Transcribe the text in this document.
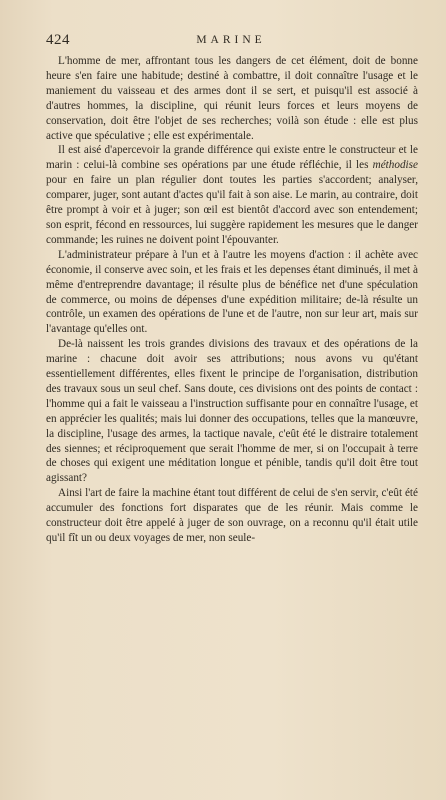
424	MARINE

L'homme de mer, affrontant tous les dangers de cet élément, doit de bonne heure s'en faire une habitude; destiné à combattre, il doit connaître l'usage et le maniement du vaisseau et des armes dont il se sert, et puisqu'il est associé à d'autres hommes, la discipline, qui réunit leurs forces et leurs moyens de conservation, doit être l'objet de ses recherches; voilà son étude : elle est plus active que spéculative ; elle est expérimentale.

Il est aisé d'apercevoir la grande différence qui existe entre le constructeur et le marin : celui-là combine ses opérations par une étude réfléchie, il les méthodise pour en faire un plan régulier dont toutes les parties s'accordent; analyser, comparer, juger, sont autant d'actes qu'il fait à son aise. Le marin, au contraire, doit être prompt à voir et à juger; son œil est bientôt d'accord avec son entendement; son esprit, fécond en ressources, lui suggère rapidement les mesures que le danger commande; les ruines ne doivent point l'épouvanter.

L'administrateur prépare à l'un et à l'autre les moyens d'action : il achète avec économie, il conserve avec soin, et les frais et les depenses étant diminués, il met à même d'entreprendre davantage; il résulte plus de bénéfice net d'une spéculation de commerce, ou moins de dépenses d'une expédition militaire; de-là résulte un contrôle, un examen des opérations de l'une et de l'autre, non sur leur art, mais sur l'avantage qu'elles ont.

De-là naissent les trois grandes divisions des travaux et des opérations de la marine : chacune doit avoir ses attributions; nous avons vu qu'étant essentiellement différentes, elles fixent le principe de l'organisation, distribution des travaux sous un seul chef. Sans doute, ces divisions ont des points de contact : l'homme qui a fait le vaisseau a l'instruction suffisante pour en connaître l'usage, et en apprécier les qualités; mais lui donner des occupations, telles que la manœuvre, la discipline, l'usage des armes, la tactique navale, c'eût été le distraire totalement des siennes; et réciproquement que serait l'homme de mer, si on l'occupait à terre de choses qui exigent une méditation longue et pénible, tandis qu'il doit être tout agissant?

Ainsi l'art de faire la machine étant tout différent de celui de s'en servir, c'eût été accumuler des fonctions fort disparates que de les réunir. Mais comme le constructeur doit être appelé à juger de son ouvrage, on a reconnu qu'il était utile qu'il fît un ou deux voyages de mer, non seule-
